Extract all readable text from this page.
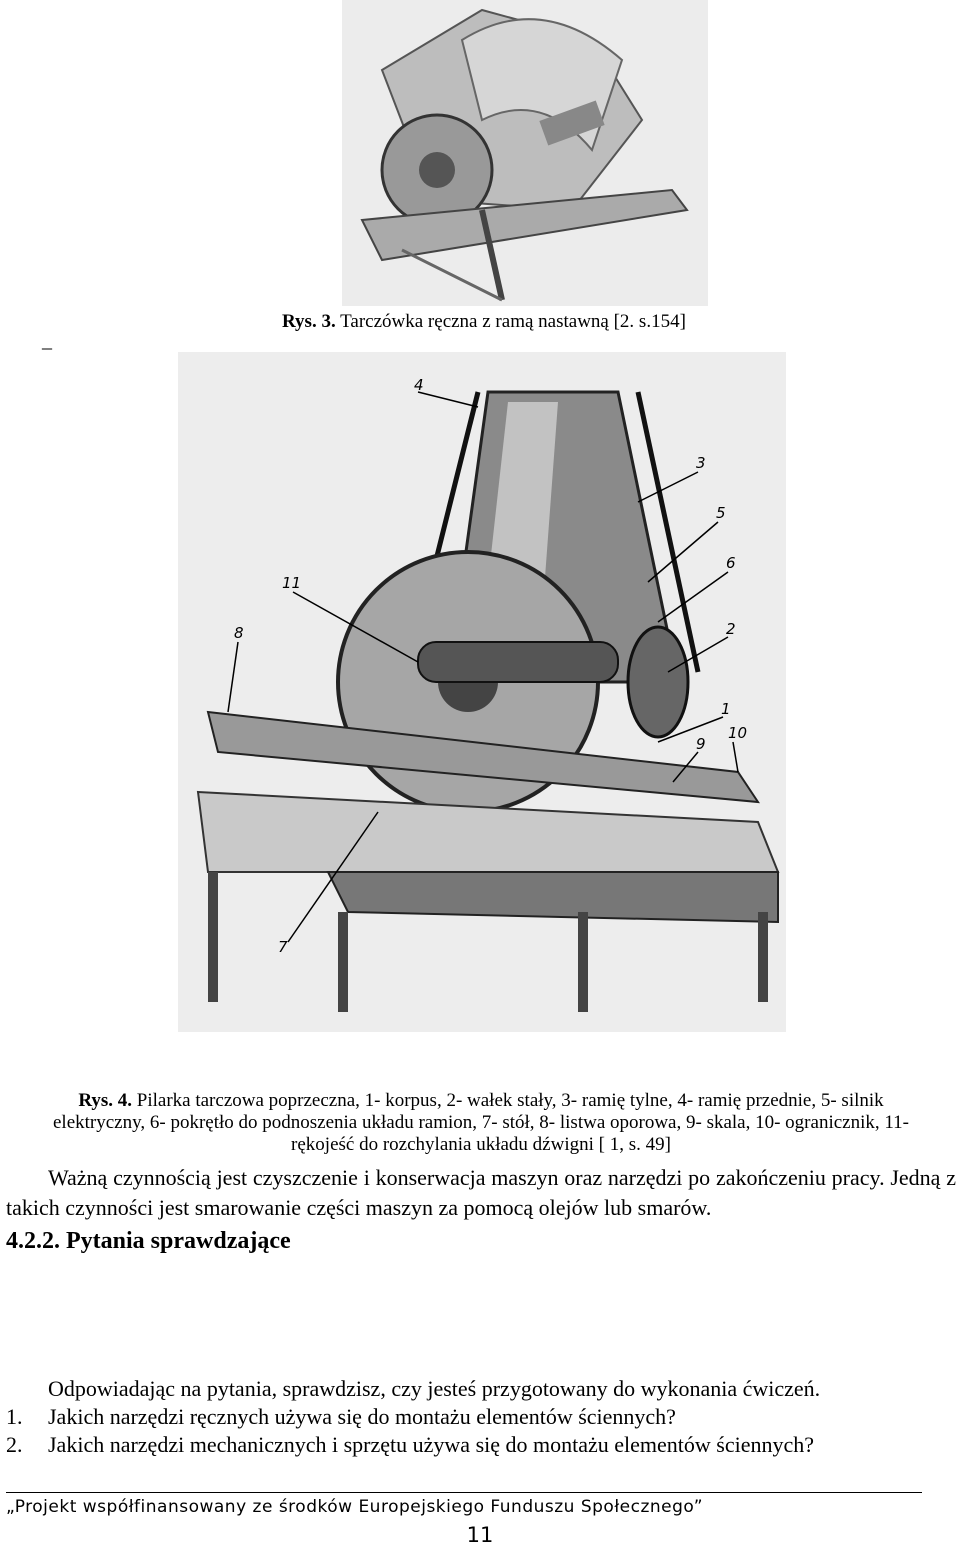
Rys. 3. Tarczówka ręczna z ramą nastawną [2. s.154]
_
4
3
5
6
11
8	2
1
10
9
7
Rys. 4. Pilarka tarczowa poprzeczna, 1- korpus, 2- wałek stały, 3- ramię tylne, 4- ramię przednie, 5- silnik
elektryczny, 6- pokrętło do podnoszenia układu ramion, 7- stół, 8- listwa oporowa, 9- skala, 10- ogranicznik, 11-
rękojeść do rozchylania układu dźwigni [ 1, s. 49]
Ważną czynnością jest czyszczenie i konserwacja maszyn oraz narzędzi po zakończeniu pracy. Jedną z takich czynności jest smarowanie części maszyn za pomocą olejów lub smarów.
4.2.2. Pytania sprawdzające
Odpowiadając na pytania, sprawdzisz, czy jesteś przygotowany do wykonania ćwiczeń.
1. Jakich narzędzi ręcznych używa się do montażu elementów ściennych?
2. Jakich narzędzi mechanicznych i sprzętu używa się do montażu elementów ściennych?
„Projekt współfinansowany ze środków Europejskiego Funduszu Społecznego”
11
